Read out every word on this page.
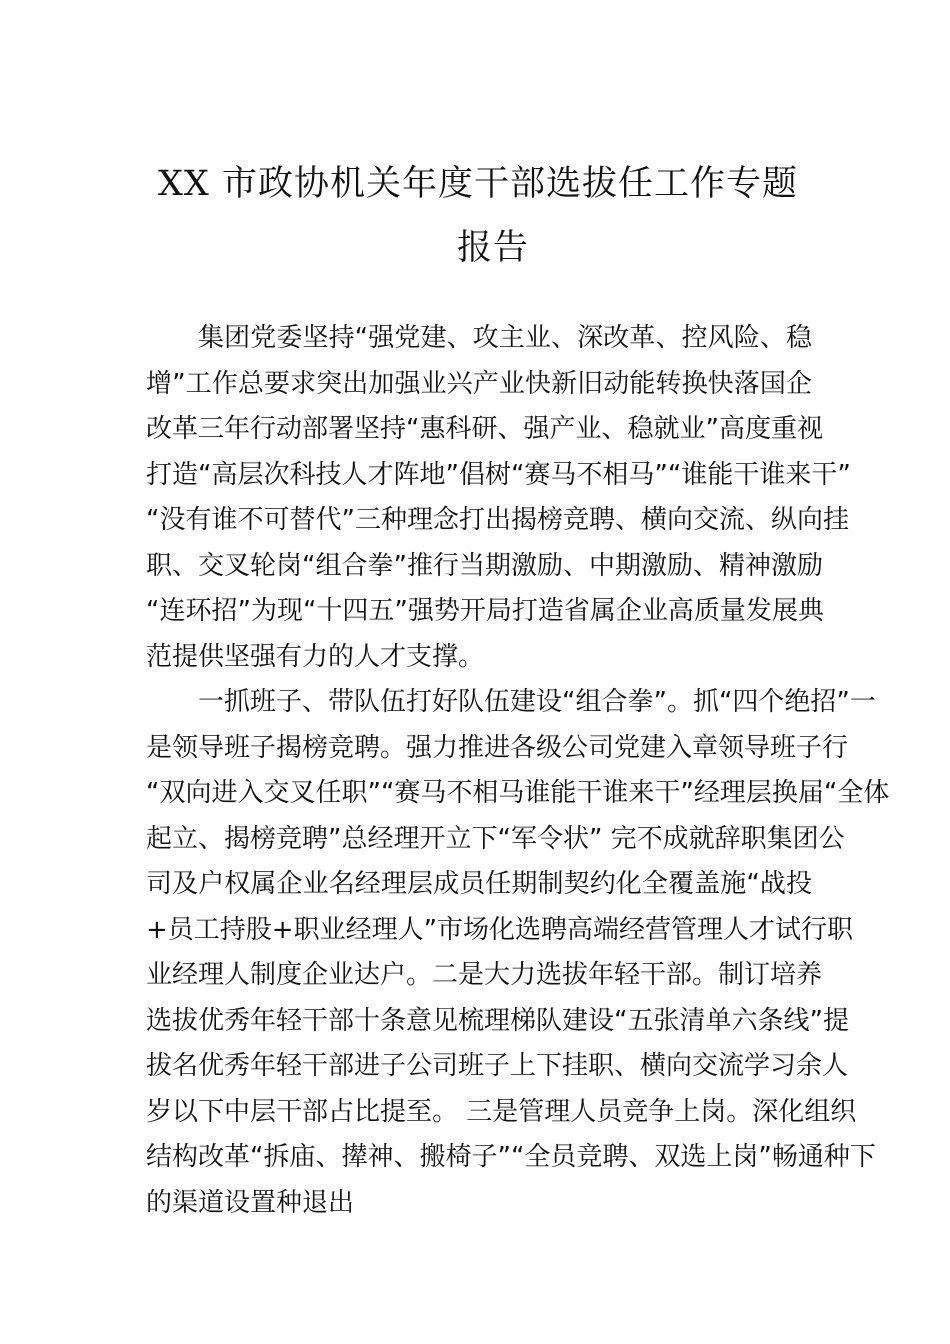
XX 市政协机关年度干部选拔任工作专题
报告
集团党委坚持“强党建、攻主业、深改革、控风险、稳
增”工作总要求突出加强业兴产业快新旧动能转换快落国企
改革三年行动部署坚持“惠科研、强产业、稳就业”高度重视
打造“高层次科技人才阵地”倡树“赛马不相马”“谁能干谁来干”
“没有谁不可替代”三种理念打出揭榜竞聘、横向交流、纵向挂
职、交叉轮岗“组合拳”推行当期激励、中期激励、精神激励
“连环招”为现“十四五”强势开局打造省属企业高质量发展典
范提供坚强有力的人才支撑。
一抓班子、带队伍打好队伍建设“组合拳”。抓“四个绝招”一
是领导班子揭榜竞聘。强力推进各级公司党建入章领导班子行
“双向进入交叉任职”“赛马不相马谁能干谁来干”经理层换届“全体
起立、揭榜竞聘”总经理开立下“军令状” 完不成就辞职集团公
司及户权属企业名经理层成员任期制契约化全覆盖施“战投
+员工持股+职业经理人”市场化选聘高端经营管理人才试行职
业经理人制度企业达户。二是大力选拔年轻干部。制订培养
选拔优秀年轻干部十条意见梳理梯队建设“五张清单六条线”提
拔名优秀年轻干部进子公司班子上下挂职、横向交流学习余人
岁以下中层干部占比提至。 三是管理人员竞争上岗。深化组织
结构改革“拆庙、撵神、搬椅子”“全员竞聘、双选上岗”畅通种下
的渠道设置种退出
